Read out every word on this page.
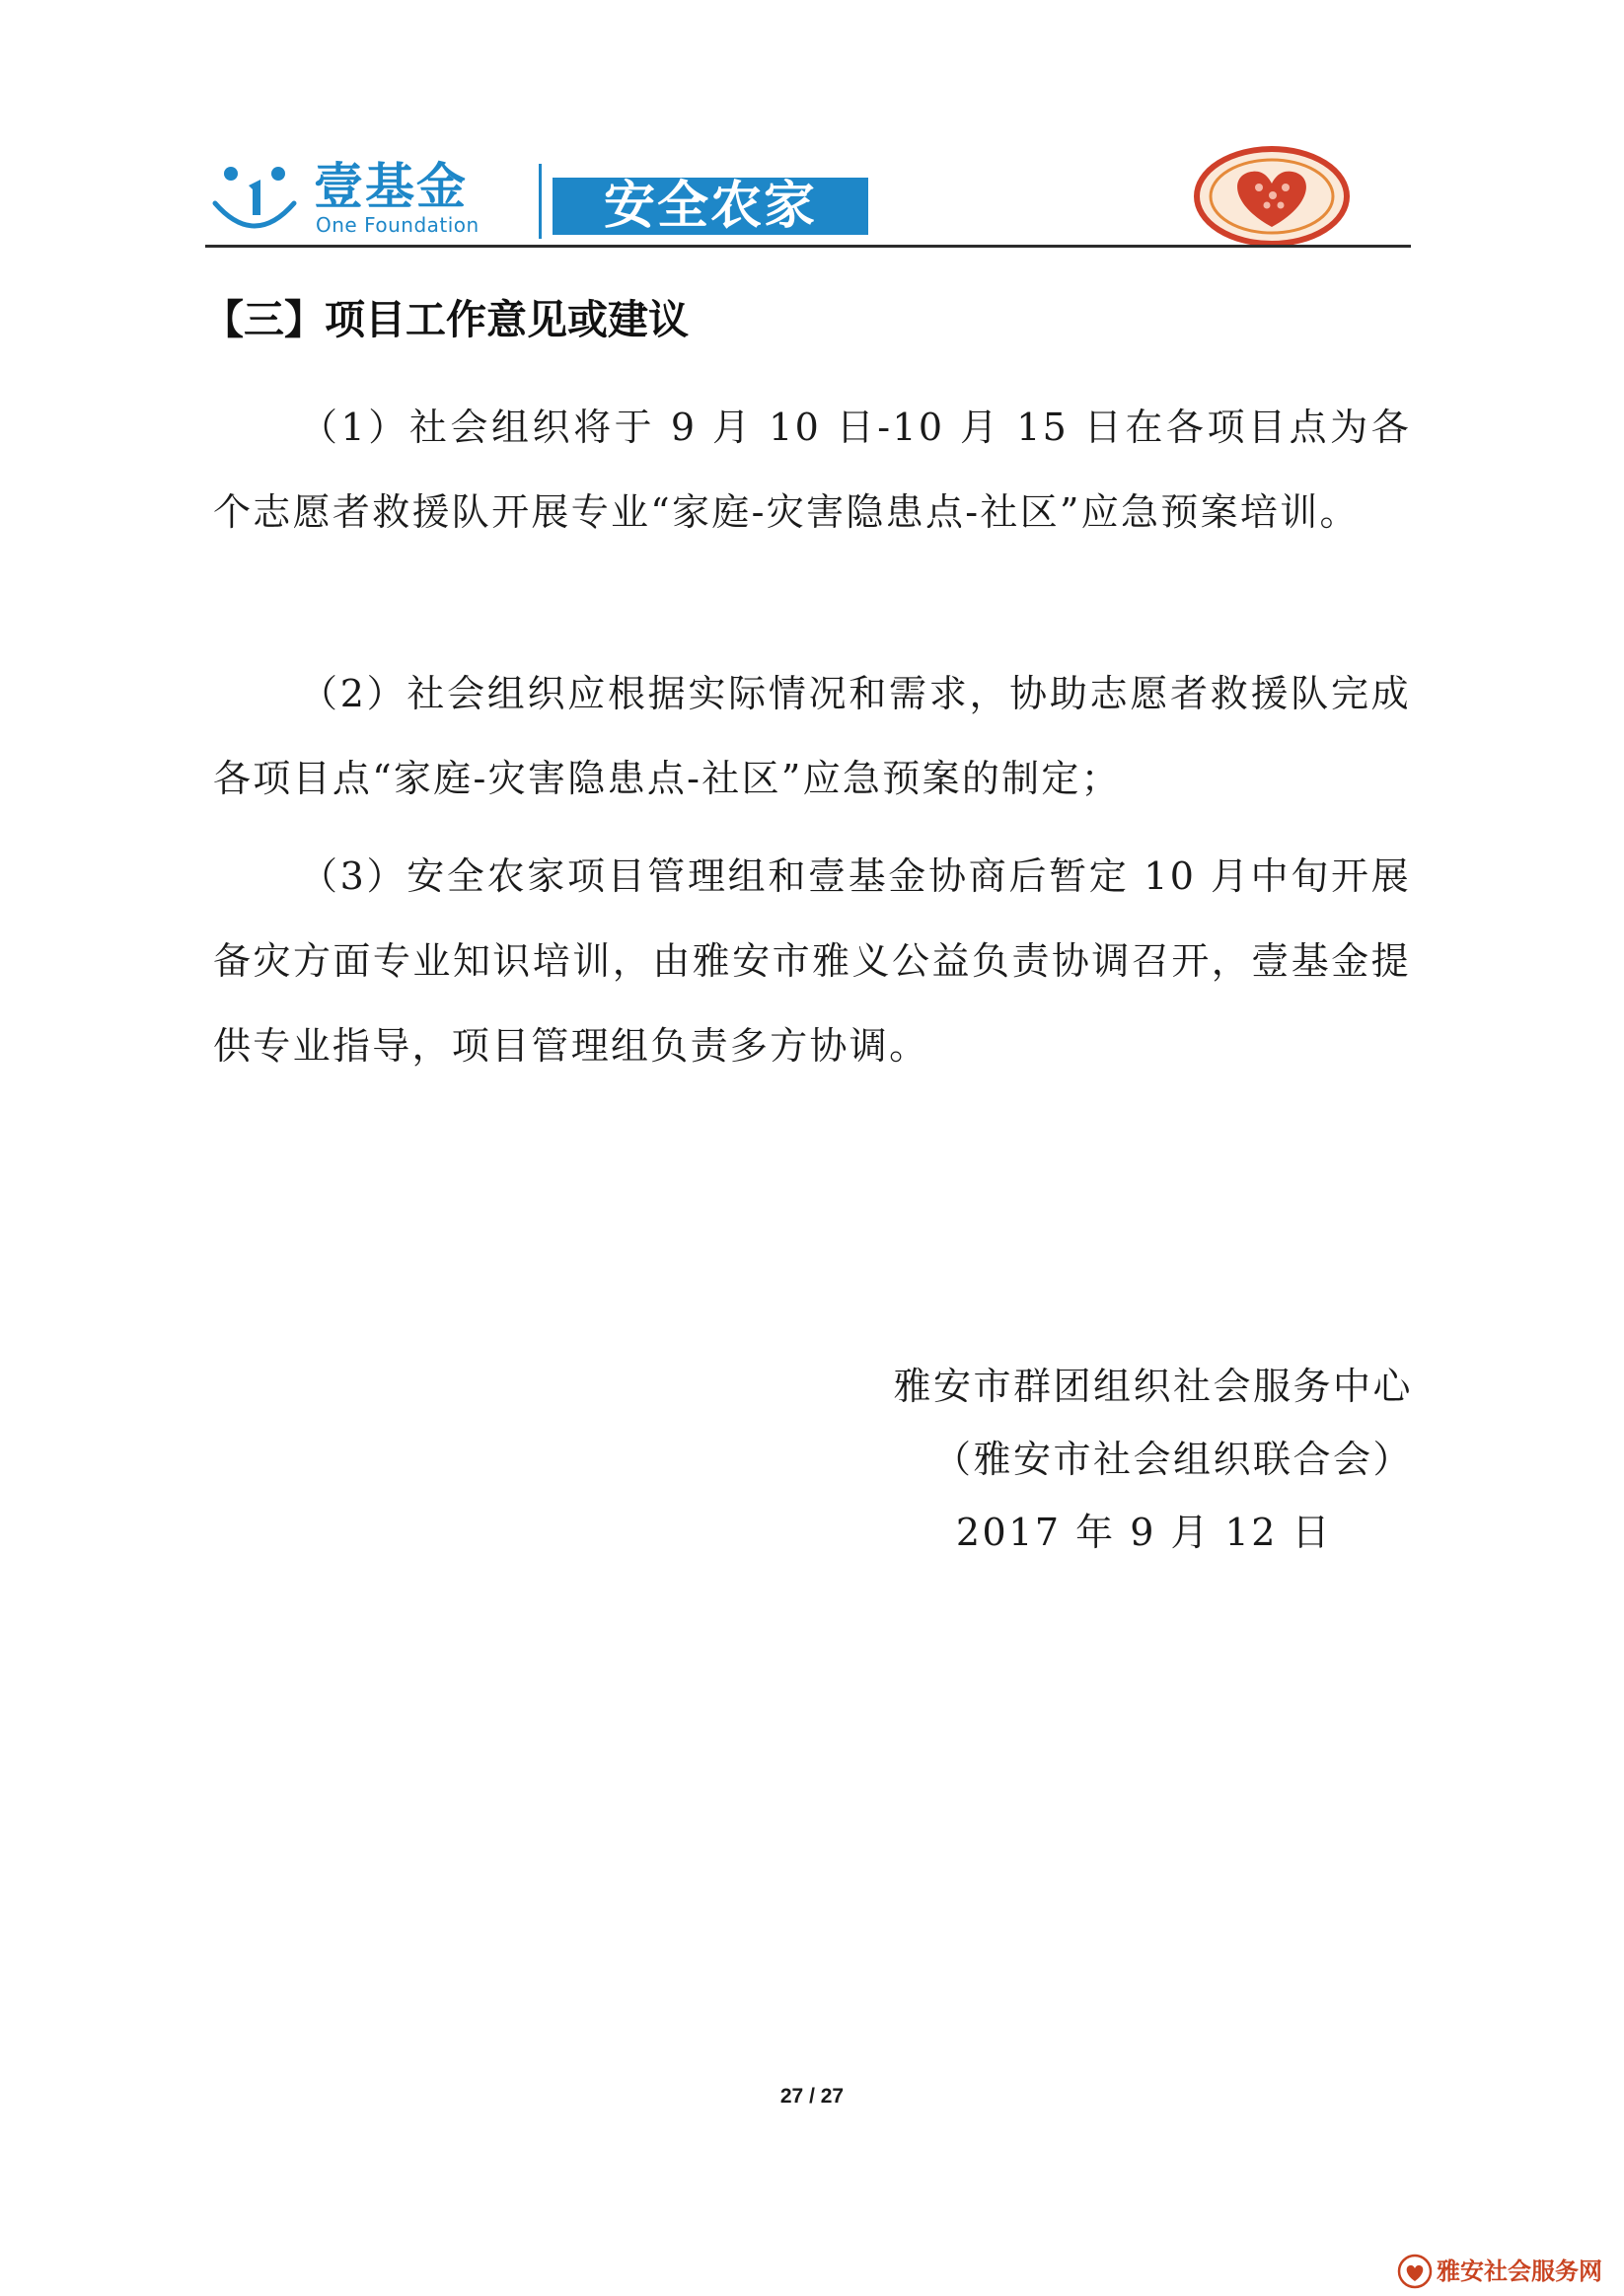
壹基金
One Foundation	安全农家
【三】项目工作意见或建议

（1）社会组织将于 9 月 10 日-10 月 15 日在各项目点为各个志愿者救援队开展专业“家庭-灾害隐患点-社区”应急预案培训。

（2）社会组织应根据实际情况和需求，协助志愿者救援队完成各项目点“家庭-灾害隐患点-社区”应急预案的制定；

（3）安全农家项目管理组和壹基金协商后暂定 10 月中旬开展备灾方面专业知识培训，由雅安市雅义公益负责协调召开，壹基金提供专业指导，项目管理组负责多方协调。

雅安市群团组织社会服务中心
（雅安市社会组织联合会）
2017 年 9 月 12 日
27 / 27
雅安社会服务网
